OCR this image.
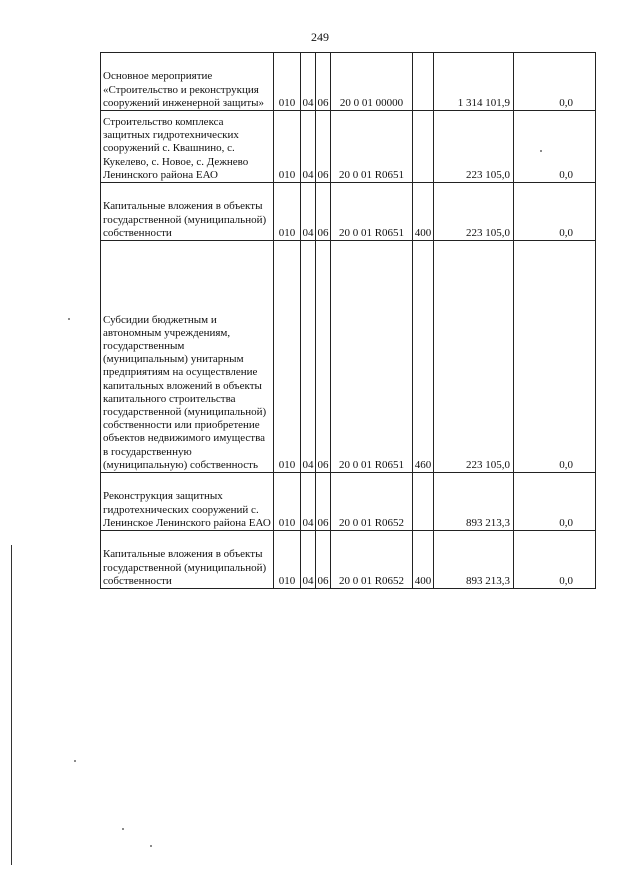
249
Основное мероприятие «Строительство и реконструкция сооружений инженерной защиты»	010	04	06	20 0 01 00000		1 314 101,9	0,0
Строительство комплекса защитных гидротехнических сооружений с. Квашнино, с. Кукелево, с. Новое, с. Дежнево Ленинского района ЕАО	010	04	06	20 0 01 R0651		223 105,0	0,0
Капитальные вложения в объекты государственной (муниципальной) собственности	010	04	06	20 0 01 R0651	400	223 105,0	0,0
Субсидии бюджетным и автономным учреждениям, государственным (муниципальным) унитарным предприятиям на осуществление капитальных вложений в объекты капитального строительства государственной (муниципальной) собственности или приобретение объектов недвижимого имущества в государственную (муниципальную) собственность	010	04	06	20 0 01 R0651	460	223 105,0	0,0
Реконструкция защитных гидротехнических сооружений с. Ленинское Ленинского района ЕАО	010	04	06	20 0 01 R0652		893 213,3	0,0
Капитальные вложения в объекты государственной (муниципальной) собственности	010	04	06	20 0 01 R0652	400	893 213,3	0,0
